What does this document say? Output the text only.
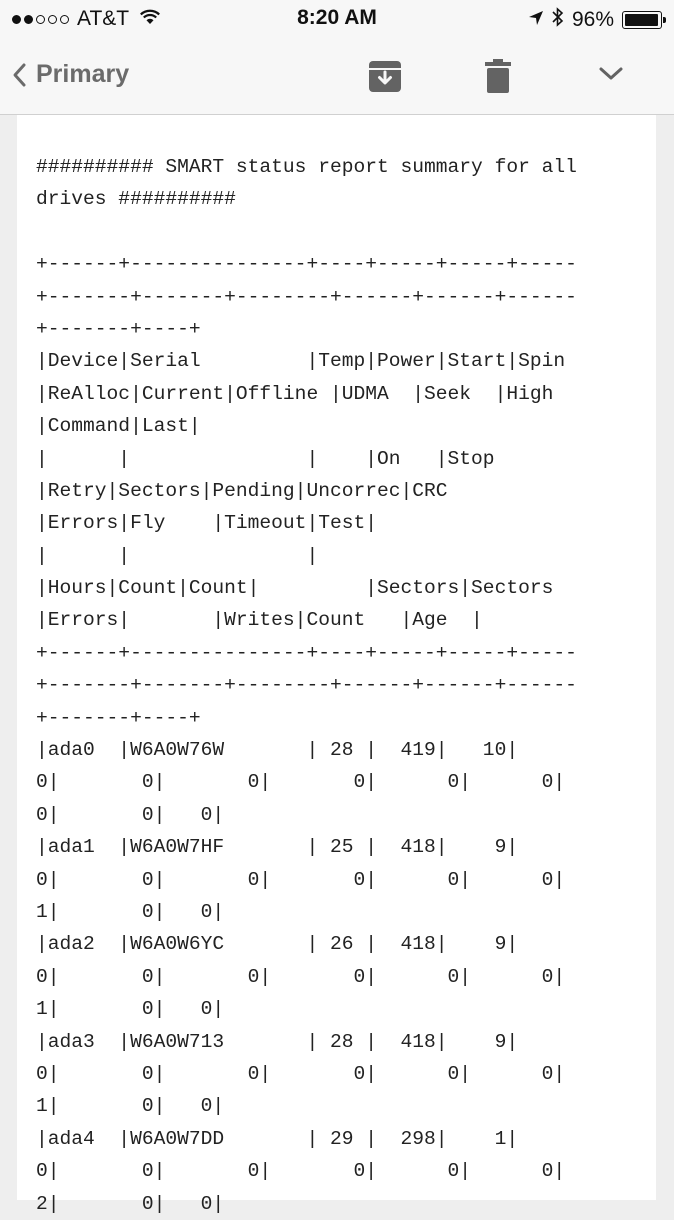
AT&T	8:20 AM	96%
Primary
########## SMART status report summary for all
drives ##########
+------+---------------+----+-----+-----+-----
+-------+-------+--------+------+------+------
+-------+----+
|Device|Serial         |Temp|Power|Start|Spin
|ReAlloc|Current|Offline |UDMA  |Seek  |High
|Command|Last|
|      |               |    |On   |Stop
|Retry|Sectors|Pending|Uncorrec|CRC
|Errors|Fly    |Timeout|Test|
|      |               |
|Hours|Count|Count|         |Sectors|Sectors
|Errors|       |Writes|Count   |Age  |
+------+---------------+----+-----+-----+-----
+-------+-------+--------+------+------+------
+-------+----+
|ada0  |W6A0W76W       | 28 |  419|   10|
0|       0|       0|       0|      0|      0|
0|       0|   0|
|ada1  |W6A0W7HF       | 25 |  418|    9|
0|       0|       0|       0|      0|      0|
1|       0|   0|
|ada2  |W6A0W6YC       | 26 |  418|    9|
0|       0|       0|       0|      0|      0|
1|       0|   0|
|ada3  |W6A0W713       | 28 |  418|    9|
0|       0|       0|       0|      0|      0|
1|       0|   0|
|ada4  |W6A0W7DD       | 29 |  298|    1|
0|       0|       0|       0|      0|      0|
2|       0|   0|
